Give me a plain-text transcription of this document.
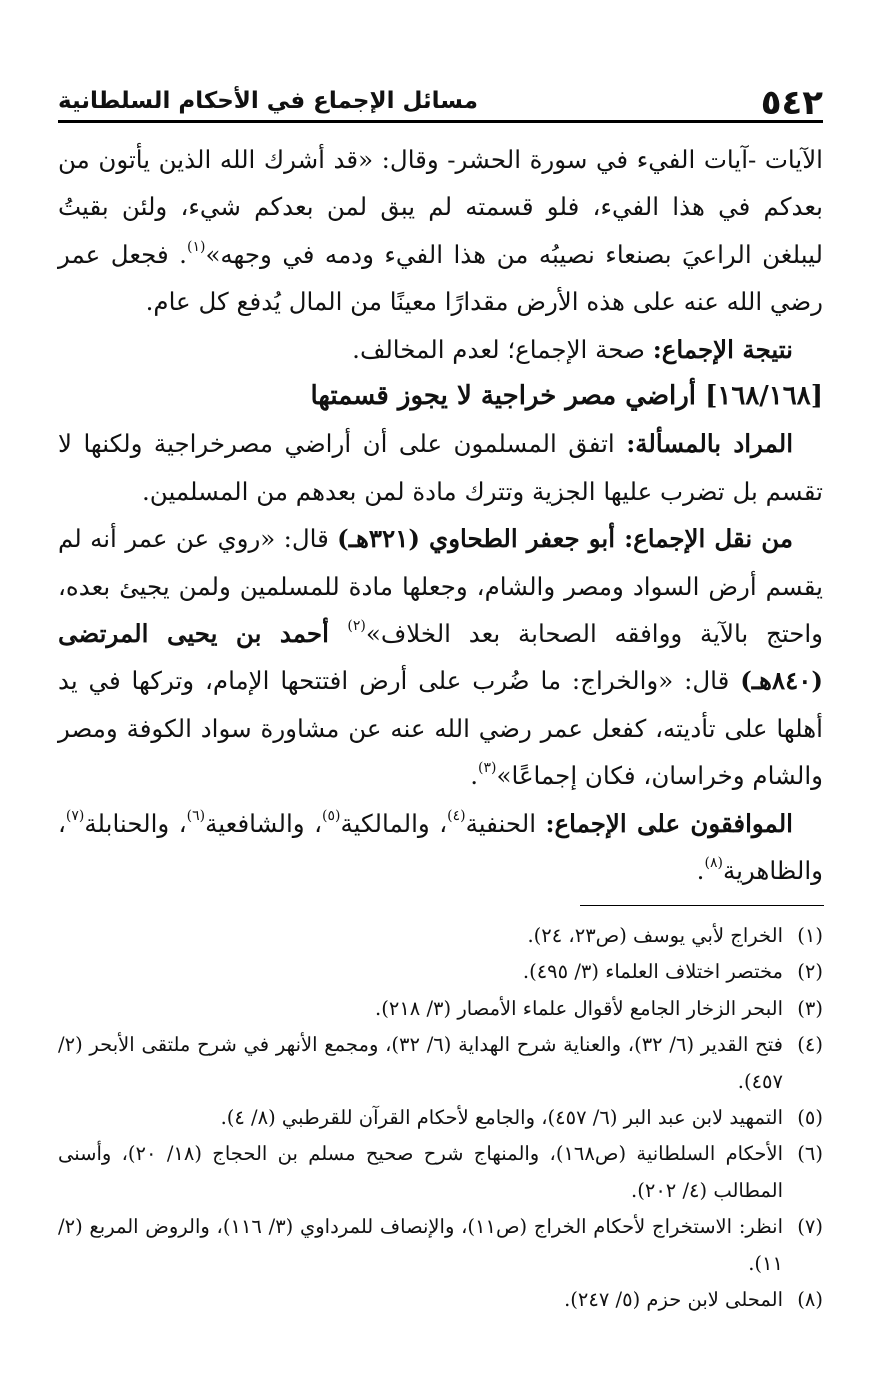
٥٤٢
مسائل الإجماع في الأحكام السلطانية

الآيات -آيات الفيء في سورة الحشر- وقال: «قد أشرك الله الذين يأتون من بعدكم في هذا الفيء، فلو قسمته لم يبق لمن بعدكم شيء، ولئن بقيتُ ليبلغن الراعيَ بصنعاء نصيبُه من هذا الفيء ودمه في وجهه»$^{(١)}$. فجعل عمر رضي الله عنه على هذه الأرض مقدارًا معينًا من المال يُدفع كل عام.

نتيجة الإجماع: صحة الإجماع؛ لعدم المخالف.

[١٦٨/١٦٨] أراضي مصر خراجية لا يجوز قسمتها

المراد بالمسألة: اتفق المسلمون على أن أراضي مصرخراجية ولكنها لا تقسم بل تضرب عليها الجزية وتترك مادة لمن بعدهم من المسلمين.

من نقل الإجماع: أبو جعفر الطحاوي (٣٢١هـ) قال: «روي عن عمر أنه لم يقسم أرض السواد ومصر والشام، وجعلها مادة للمسلمين ولمن يجيئ بعده، واحتج بالآية ووافقه الصحابة بعد الخلاف»$^{(٢)}$ أحمد بن يحيى المرتضى (٨٤٠هـ) قال: «والخراج: ما ضُرب على أرض افتتحها الإمام، وتركها في يد أهلها على تأديته، كفعل عمر رضي الله عنه عن مشاورة سواد الكوفة ومصر والشام وخراسان، فكان إجماعًا»$^{(٣)}$.

الموافقون على الإجماع: الحنفية$^{(٤)}$، والمالكية$^{(٥)}$، والشافعية$^{(٦)}$، والحنابلة$^{(٧)}$، والظاهرية$^{(٨)}$.

(١)
الخراج لأبي يوسف (ص٢٣، ٢٤).
(٢)
مختصر اختلاف العلماء (٣/ ٤٩٥).
(٣)
البحر الزخار الجامع لأقوال علماء الأمصار (٣/ ٢١٨).
(٤)
فتح القدير (٦/ ٣٢)، والعناية شرح الهداية (٦/ ٣٢)، ومجمع الأنهر في شرح ملتقى الأبحر (٢/ ٤٥٧).
(٥)
التمهيد لابن عبد البر (٦/ ٤٥٧)، والجامع لأحكام القرآن للقرطبي (٨/ ٤).
(٦)
الأحكام السلطانية (ص١٦٨)، والمنهاج شرح صحيح مسلم بن الحجاج (١٨/ ٢٠)، وأسنى المطالب (٤/ ٢٠٢).
(٧)
انظر: الاستخراج لأحكام الخراج (ص١١)، والإنصاف للمرداوي (٣/ ١١٦)، والروض المربع (٢/ ١١).
(٨)
المحلى لابن حزم (٥/ ٢٤٧).
